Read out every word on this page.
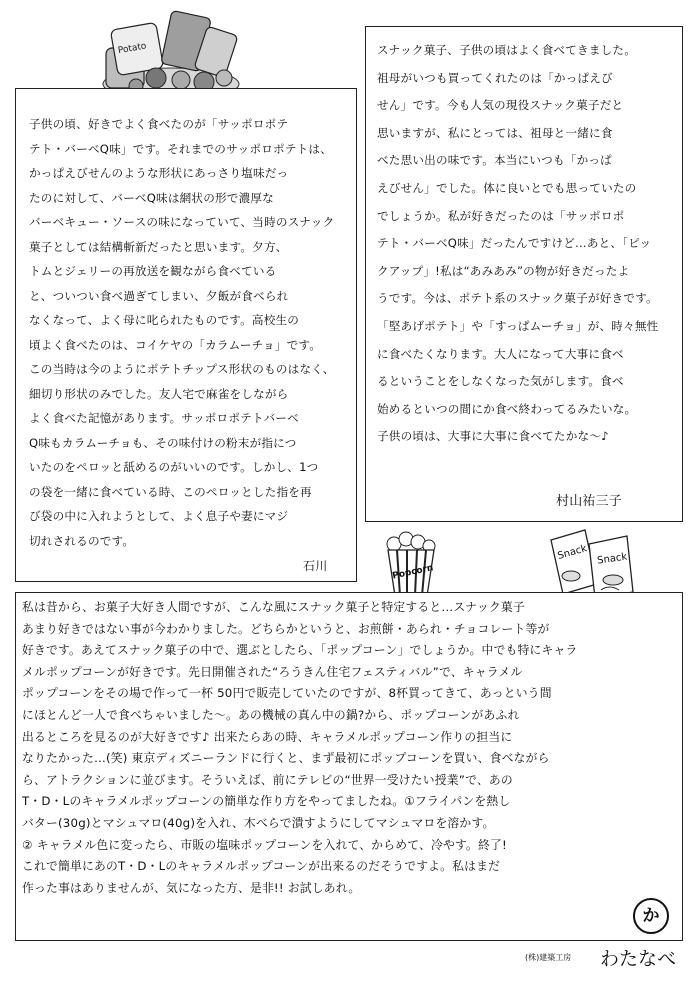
Potato
Popcorn
Snack Snack
子供の頃、好きでよく食べたのが「サッポロポテ
テト・バーベQ味」です。それまでのサッポロポテトは、
かっぱえびせんのような形状にあっさり塩味だっ
たのに対して、バーベQ味は網状の形で濃厚な
バーベキュー・ソースの味になっていて、当時のスナック
菓子としては結構斬新だったと思います。夕方、
トムとジェリーの再放送を観ながら食べている
と、ついつい食べ過ぎてしまい、夕飯が食べられ
なくなって、よく母に叱られたものです。高校生の
頃よく食べたのは、コイケヤの「カラムーチョ」です。
この当時は今のようにポテトチップス形状のものはなく、
細切り形状のみでした。友人宅で麻雀をしながら
よく食べた記憶があります。サッポロポテトバーベ
Q味もカラムーチョも、その味付けの粉末が指につ
いたのをペロッと舐めるのがいいのです。しかし、1つ
の袋を一緒に食べている時、このペロッとした指を再
び袋の中に入れようとして、よく息子や妻にマジ
切れされるのです。
石川
スナック菓子、子供の頃はよく食べてきました。
祖母がいつも買ってくれたのは「かっぱえび
せん」です。今も人気の現役スナック菓子だと
思いますが、私にとっては、祖母と一緒に食
べた思い出の味です。本当にいつも「かっぱ
えびせん」でした。体に良いとでも思っていたの
でしょうか。私が好きだったのは「サッポロポ
テト・バーベQ味」だったんですけど…あと、「ピッ
クアップ」!私は“あみあみ”の物が好きだったよ
うです。今は、ポテト系のスナック菓子が好きです。
「堅あげポテト」や「すっぱムーチョ」が、時々無性
に食べたくなります。大人になって大事に食べ
るということをしなくなった気がします。食べ
始めるといつの間にか食べ終わってるみたいな。
子供の頃は、大事に大事に食べてたかな～♪
村山祐三子
私は昔から、お菓子大好き人間ですが、こんな風にスナック菓子と特定すると…スナック菓子
あまり好きではない事が今わかりました。どちらかというと、お煎餅・あられ・チョコレート等が
好きです。あえてスナック菓子の中で、選ぶとしたら、「ポップコーン」でしょうか。中でも特にキャラ
メルポップコーンが好きです。先日開催された“ろうきん住宅フェスティバル”で、キャラメル
ポップコーンをその場で作って一杯 50円で販売していたのですが、8杯買ってきて、あっという間
にほとんど一人で食べちゃいました～。あの機械の真ん中の鍋?から、ポップコーンがあふれ
出るところを見るのが大好きです♪ 出来たらあの時、キャラメルポップコーン作りの担当に
なりたかった…(笑) 東京ディズニーランドに行くと、まず最初にポップコーンを買い、食べながら
ら、アトラクションに並びます。そういえば、前にテレビの“世界一受けたい授業”で、あの
T・D・Lのキャラメルポップコーンの簡単な作り方をやってましたね。①フライパンを熱し
バター(30g)とマシュマロ(40g)を入れ、木べらで潰すようにしてマシュマロを溶かす。
② キャラメル色に変ったら、市販の塩味ポップコーンを入れて、からめて、冷やす。終了!
これで簡単にあのT・D・Lのキャラメルポップコーンが出来るのだそうですよ。私はまだ
作った事はありませんが、気になった方、是非!! お試しあれ。
か
(株)建築工房 わたなべ
